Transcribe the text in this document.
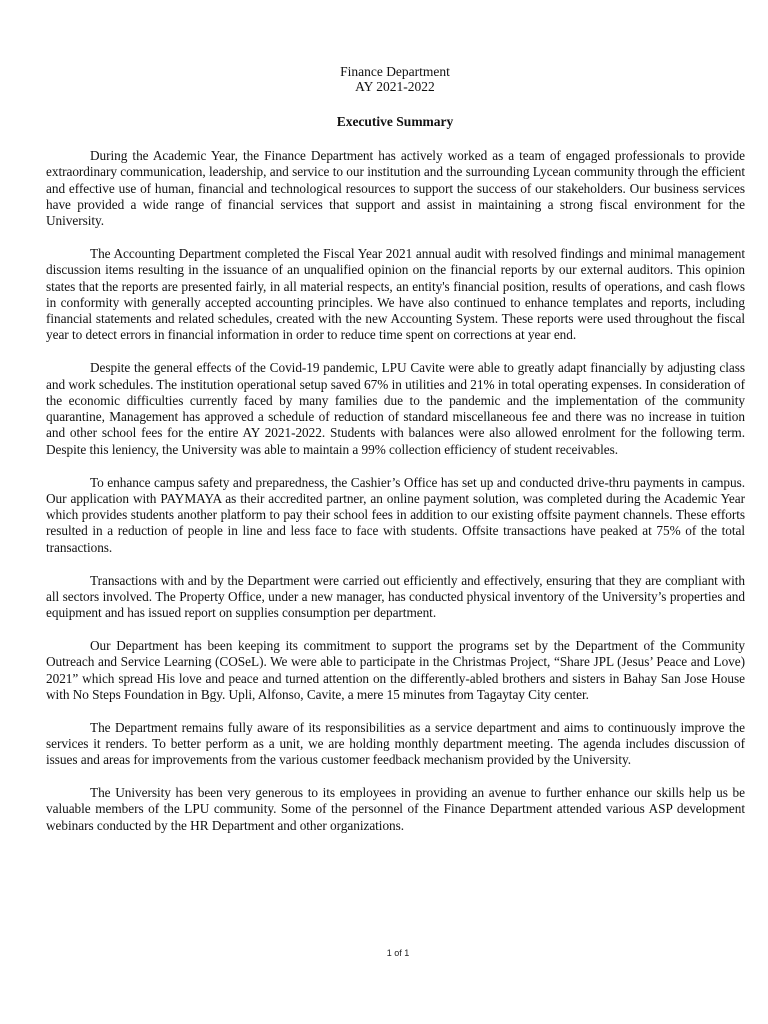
Finance Department
AY 2021-2022
Executive Summary

During the Academic Year, the Finance Department has actively worked as a team of engaged professionals to provide extraordinary communication, leadership, and service to our institution and the surrounding Lycean community through the efficient and effective use of human, financial and technological resources to support the success of our stakeholders. Our business services have provided a wide range of financial services that support and assist in maintaining a strong fiscal environment for the University.

The Accounting Department completed the Fiscal Year 2021 annual audit with resolved findings and minimal management discussion items resulting in the issuance of an unqualified opinion on the financial reports by our external auditors. This opinion states that the reports are presented fairly, in all material respects, an entity's financial position, results of operations, and cash flows in conformity with generally accepted accounting principles. We have also continued to enhance templates and reports, including financial statements and related schedules, created with the new Accounting System. These reports were used throughout the fiscal year to detect errors in financial information in order to reduce time spent on corrections at year end.

Despite the general effects of the Covid-19 pandemic, LPU Cavite were able to greatly adapt financially by adjusting class and work schedules. The institution operational setup saved 67% in utilities and 21% in total operating expenses. In consideration of the economic difficulties currently faced by many families due to the pandemic and the implementation of the community quarantine, Management has approved a schedule of reduction of standard miscellaneous fee and there was no increase in tuition and other school fees for the entire AY 2021-2022. Students with balances were also allowed enrolment for the following term. Despite this leniency, the University was able to maintain a 99% collection efficiency of student receivables.

To enhance campus safety and preparedness, the Cashier’s Office has set up and conducted drive-thru payments in campus. Our application with PAYMAYA as their accredited partner, an online payment solution, was completed during the Academic Year which provides students another platform to pay their school fees in addition to our existing offsite payment channels. These efforts resulted in a reduction of people in line and less face to face with students. Offsite transactions have peaked at 75% of the total transactions.

Transactions with and by the Department were carried out efficiently and effectively, ensuring that they are compliant with all sectors involved. The Property Office, under a new manager, has conducted physical inventory of the University’s properties and equipment and has issued report on supplies consumption per department.

Our Department has been keeping its commitment to support the programs set by the Department of the Community Outreach and Service Learning (COSeL). We were able to participate in the Christmas Project, “Share JPL (Jesus’ Peace and Love) 2021” which spread His love and peace and turned attention on the differently-abled brothers and sisters in Bahay San Jose House with No Steps Foundation in Bgy. Upli, Alfonso, Cavite, a mere 15 minutes from Tagaytay City center.

The Department remains fully aware of its responsibilities as a service department and aims to continuously improve the services it renders. To better perform as a unit, we are holding monthly department meeting. The agenda includes discussion of issues and areas for improvements from the various customer feedback mechanism provided by the University.

The University has been very generous to its employees in providing an avenue to further enhance our skills help us be valuable members of the LPU community. Some of the personnel of the Finance Department attended various ASP development webinars conducted by the HR Department and other organizations.

1 of 1
